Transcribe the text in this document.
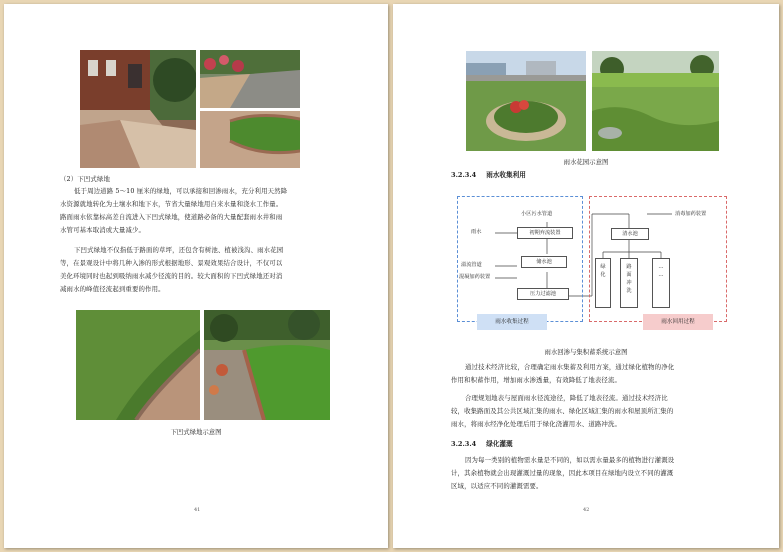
（2）下凹式绿地
低于周边道路 5～10 厘米的绿地，可以承接和回渗雨水，充分利用天然降
水资源就地转化为土壤水和地下水，节省大量绿地用自来水量和浇水工作量。
路面雨水依靠标高差自流进入下凹式绿地，使道路必备的大量配套雨水井和雨
水管可基本取消或大量减少。
下凹式绿地不仅指低于路面的草坪，还包含有树池、植被浅沟、雨水花园
等，在景观设计中将几种入渗的形式根据地形、景观效果结合设计，不仅可以
美化环境同时也起到吸纳雨水减少径流的目的。较大面积的下凹式绿地还对消
减雨水的峰值径流起到重要的作用。
下凹式绿地示意图
41
雨水花园示意图
3.2.3.4 雨水收集利用
小区污水管道
雨水	初期弃流装置
储水池
溢流管道
混凝加药装置
压力过滤池
雨水收集过程
消毒加药装置
清水池
绿
化
路
面
冲
洗
…
…
雨水回用过程
雨水回渗与集积蓄系统示意图
通过技术经济比较，合理确定雨水集蓄及利用方案，通过绿化植物的净化
作用和积蓄作用，增加雨水渗透量，有效降低了地表径流。
合理规划地表与屋面雨水径流途径，降低了地表径流。通过技术经济比
较，收集路面及其公共区域汇集的雨水、绿化区域汇集的雨水和屋顶所汇集的
雨水，将雨水经净化处理后用于绿化浇灌用水、道路冲洗。
3.2.3.4 绿化灌溉
因为每一类别的植物需水量是不同的，如以需水量最多的植物进行灌溉设
计，其余植物就会出现灌溉过量的现象，因此本项目在绿地内设立不同的灌溉
区域，以适应不同的灌溉需要。
42
